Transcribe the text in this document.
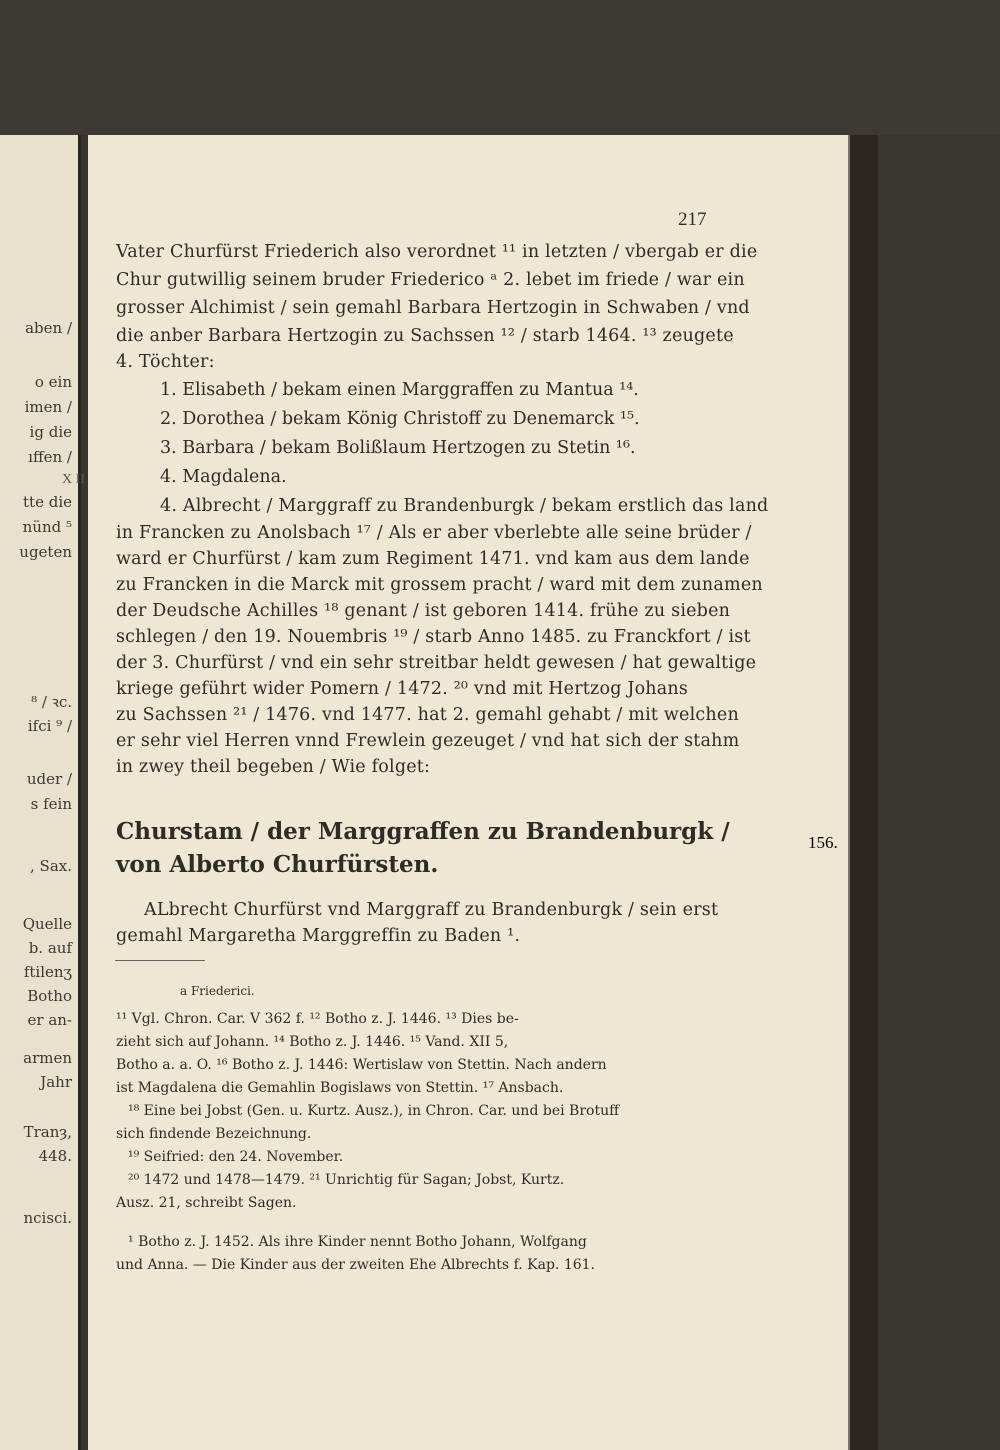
aben /
o ein
imen /
ig die
ıffen /
tte die
nünd ⁵
ugeten
⁸ / ꝛc.
ifci ⁹ /
uder /
s fein
, Sax.
Quelle
b. auf
ftilenʒ
Botho
er an-
armen
Jahr
Tranȝ,
448.
ncisci.
X II
217
Vater Churfürst Friederich also verordnet ¹¹ in letzten / vbergab er die
Chur gutwillig seinem bruder Friederico ᵃ 2. lebet im friede / war ein
grosser Alchimist / sein gemahl Barbara Hertzogin in Schwaben / vnd
die anber Barbara Hertzogin zu Sachssen ¹² / starb 1464. ¹³ zeugete
4. Töchter:
1. Elisabeth / bekam einen Marggraffen zu Mantua ¹⁴.
2. Dorothea / bekam König Christoff zu Denemarck ¹⁵.
3. Barbara / bekam Bolißlaum Hertzogen zu Stetin ¹⁶.
4. Magdalena.
4. Albrecht / Marggraff zu Brandenburgk / bekam erstlich das land
in Francken zu Anolsbach ¹⁷ / Als er aber vberlebte alle seine brüder /
ward er Churfürst / kam zum Regiment 1471. vnd kam aus dem lande
zu Francken in die Marck mit grossem pracht / ward mit dem zunamen
der Deudsche Achilles ¹⁸ genant / ist geboren 1414. frühe zu sieben
schlegen / den 19. Nouembris ¹⁹ / starb Anno 1485. zu Franckfort / ist
der 3. Churfürst / vnd ein sehr streitbar heldt gewesen / hat gewaltige
kriege geführt wider Pomern / 1472. ²⁰ vnd mit Hertzog Johans
zu Sachssen ²¹ / 1476. vnd 1477. hat 2. gemahl gehabt / mit welchen
er sehr viel Herren vnnd Frewlein gezeuget / vnd hat sich der stahm
in zwey theil begeben / Wie folget:
Churstam / der Marggraffen zu Brandenburgk /
von Alberto Churfürsten.
ALbrecht Churfürst vnd Marggraff zu Brandenburgk / sein erst
gemahl Margaretha Marggreffin zu Baden ¹.
a Friederici.
¹¹ Vgl. Chron. Car. V 362 f. ¹² Botho z. J. 1446. ¹³ Dies be-
zieht sich auf Johann. ¹⁴ Botho z. J. 1446. ¹⁵ Vand. XII 5,
Botho a. a. O. ¹⁶ Botho z. J. 1446: Wertislaw von Stettin. Nach andern
ist Magdalena die Gemahlin Bogislaws von Stettin. ¹⁷ Ansbach.
¹⁸ Eine bei Jobst (Gen. u. Kurtz. Ausz.), in Chron. Car. und bei Brotuff
sich findende Bezeichnung.
¹⁹ Seifried: den 24. November.
²⁰ 1472 und 1478—1479. ²¹ Unrichtig für Sagan; Jobst, Kurtz.
Ausz. 21, schreibt Sagen.
¹ Botho z. J. 1452. Als ihre Kinder nennt Botho Johann, Wolfgang
und Anna. — Die Kinder aus der zweiten Ehe Albrechts f. Kap. 161.
156.
